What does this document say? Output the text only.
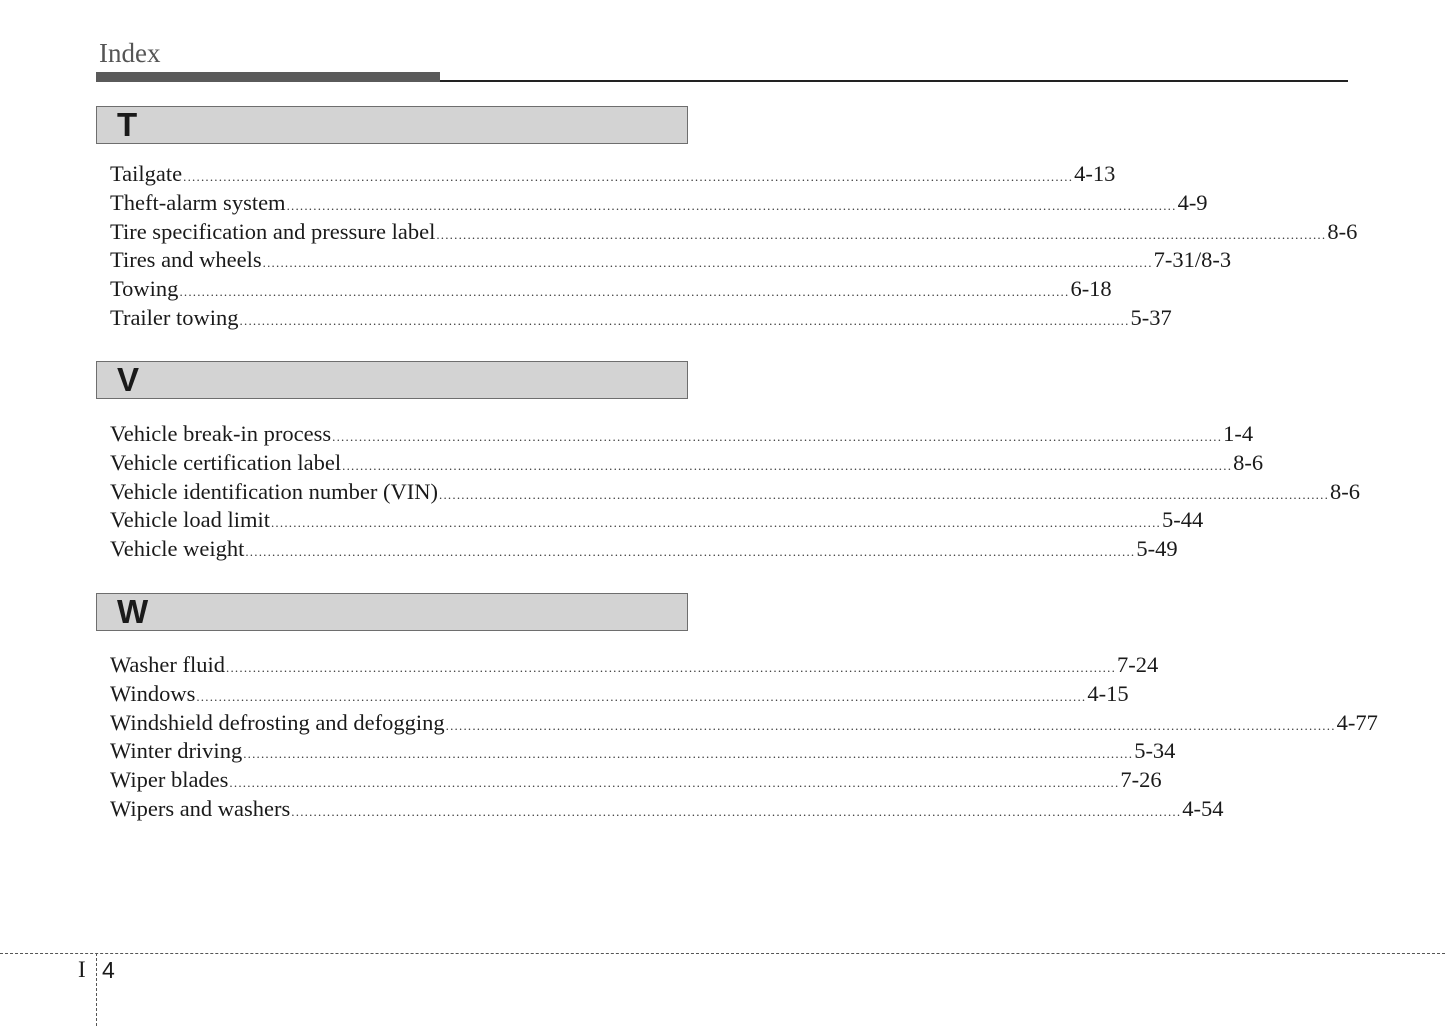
Index
T
Tailgate ........................................................................................................................................................................................................ 4-13
Theft-alarm system ........................................................................................................................................................................................................ 4-9
Tire specification and pressure label ........................................................................................................................................................................................................ 8-6
Tires and wheels ........................................................................................................................................................................................................ 7-31/8-3
Towing ........................................................................................................................................................................................................ 6-18
Trailer towing ........................................................................................................................................................................................................ 5-37
V
Vehicle break-in process ........................................................................................................................................................................................................ 1-4
Vehicle certification label ........................................................................................................................................................................................................ 8-6
Vehicle identification number (VIN) ........................................................................................................................................................................................................ 8-6
Vehicle load limit ........................................................................................................................................................................................................ 5-44
Vehicle weight ........................................................................................................................................................................................................ 5-49
W
Washer fluid ........................................................................................................................................................................................................ 7-24
Windows ........................................................................................................................................................................................................ 4-15
Windshield defrosting and defogging ........................................................................................................................................................................................................ 4-77
Winter driving ........................................................................................................................................................................................................ 5-34
Wiper blades ........................................................................................................................................................................................................ 7-26
Wipers and washers ........................................................................................................................................................................................................ 4-54
I 4
